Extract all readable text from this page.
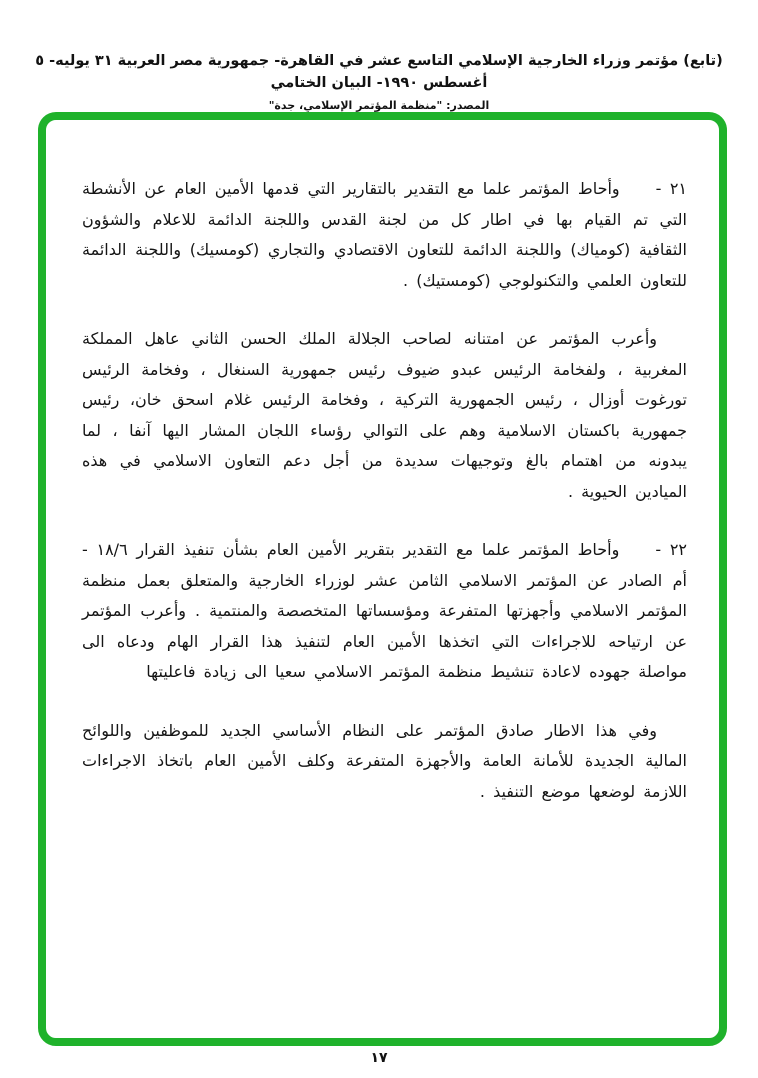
(تابع) مؤتمر وزراء الخارجية الإسلامي التاسع عشر في القاهرة- جمهورية مصر العربية ٣١ يوليه- ٥ أغسطس ١٩٩٠- البيان الختامي
المصدر: "منظمة المؤتمر الإسلامي، جدة"

٢١ -وأحاط المؤتمر علما مع التقدير بالتقارير التي قدمها الأمين العام عن الأنشطة التي تم القيام بها في اطار كل من لجنة القدس واللجنة الدائمة للاعلام والشؤون الثقافية (كومياك) واللجنة الدائمة للتعاون الاقتصادي والتجاري (كومسيك) واللجنة الدائمة للتعاون العلمي والتكنولوجي (كومستيك) .

وأعرب المؤتمر عن امتنانه لصاحب الجلالة الملك الحسن الثاني عاهل المملكة المغربية ، ولفخامة الرئيس عبدو ضيوف رئيس جمهورية السنغال ، وفخامة الرئيس تورغوت أوزال ، رئيس الجمهورية التركية ، وفخامة الرئيس غلام اسحق خان، رئيس جمهورية باكستان الاسلامية وهم على التوالي رؤساء اللجان المشار اليها آنفا ، لما يبدونه من اهتمام بالغ وتوجيهات سديدة من أجل دعم التعاون الاسلامي في هذه الميادين الحيوية .

٢٢ -وأحاط المؤتمر علما مع التقدير بتقرير الأمين العام بشأن تنفيذ القرار ١٨/٦ - أم الصادر عن المؤتمر الاسلامي الثامن عشر لوزراء الخارجية والمتعلق بعمل منظمة المؤتمر الاسلامي وأجهزتها المتفرعة ومؤسساتها المتخصصة والمنتمية . وأعرب المؤتمر عن ارتياحه للاجراءات التي اتخذها الأمين العام لتنفيذ هذا القرار الهام ودعاه الى مواصلة جهوده لاعادة تنشيط منظمة المؤتمر الاسلامي سعيا الى زيادة فاعليتها

وفي هذا الاطار صادق المؤتمر على النظام الأساسي الجديد للموظفين واللوائح المالية الجديدة للأمانة العامة والأجهزة المتفرعة وكلف الأمين العام باتخاذ الاجراءات اللازمة لوضعها موضع التنفيذ .

١٧
